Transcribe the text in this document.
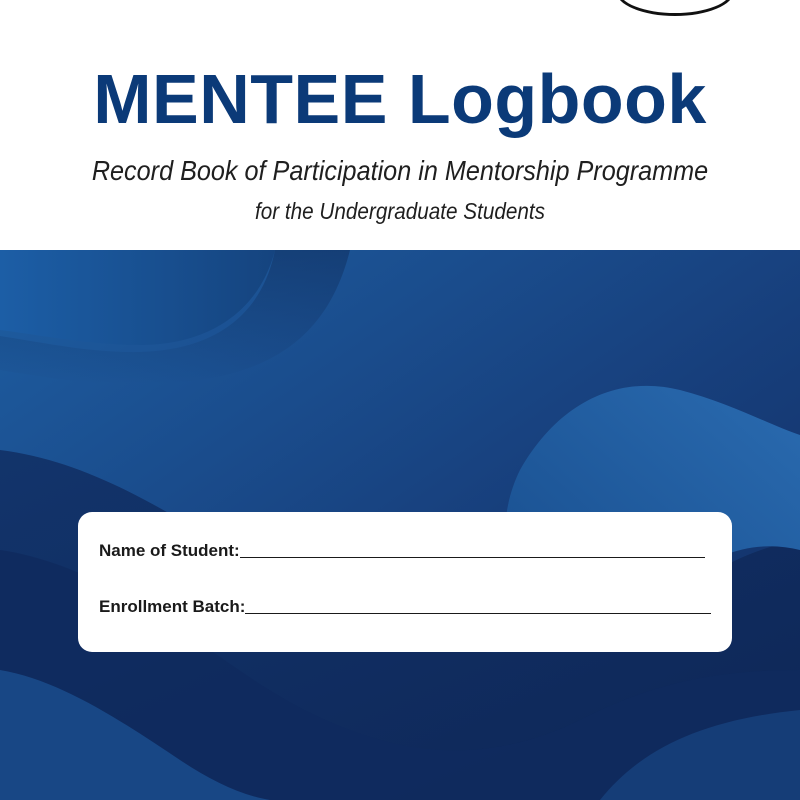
MENTEE Logbook
Record Book of Participation in Mentorship Programme
for the Undergraduate Students
Name of Student:
Enrollment Batch:
